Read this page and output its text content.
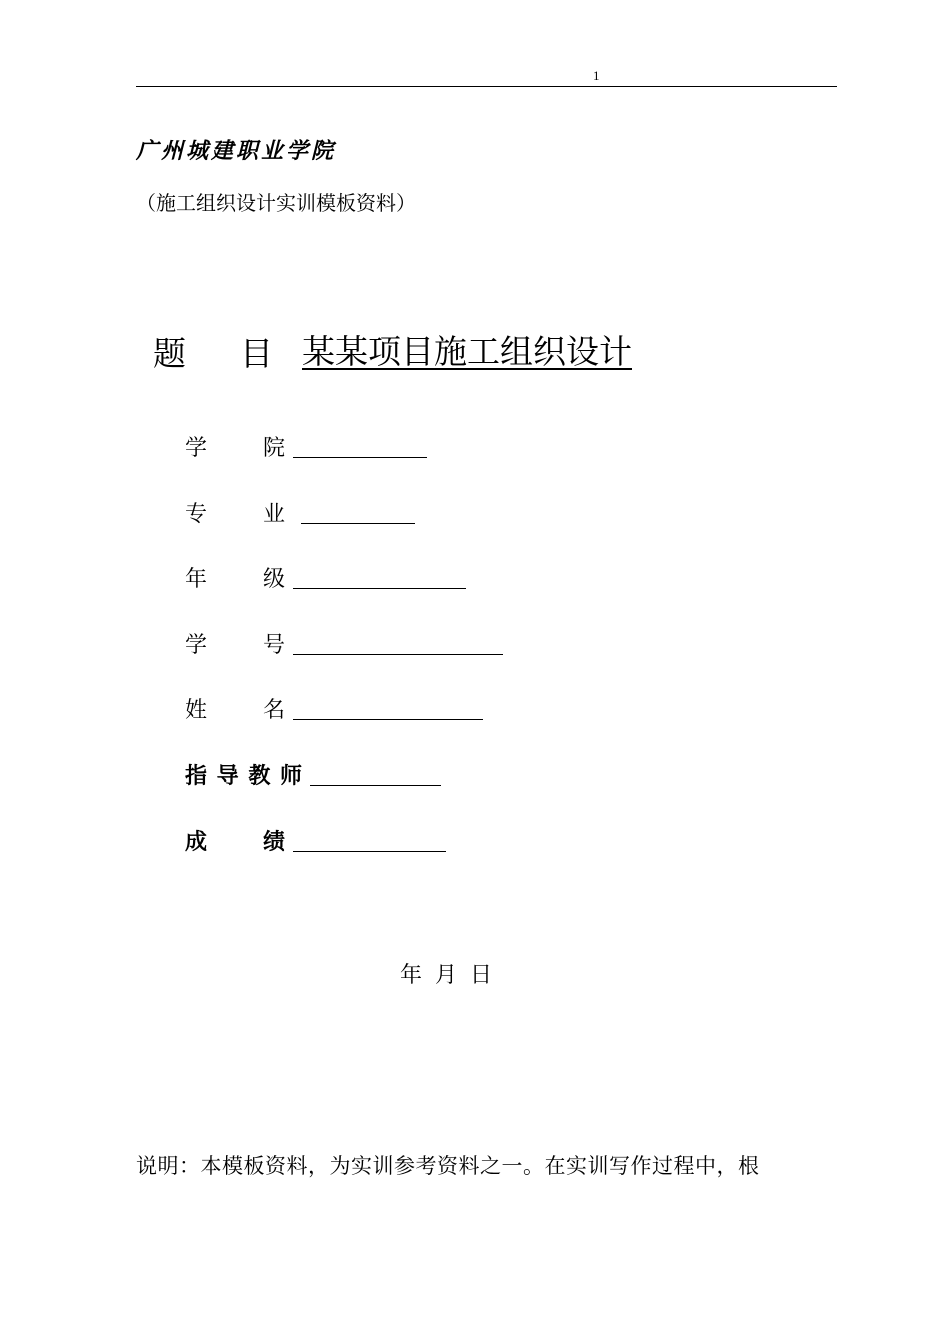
1
广州城建职业学院
（施工组织设计实训模板资料）
题 目 某某项目施工组织设计
学	院
专	业
年	级
学	号
姓	名
指 导 教 师
成	绩
年 月 日
说明：本模板资料，为实训参考资料之一。在实训写作过程中，根
